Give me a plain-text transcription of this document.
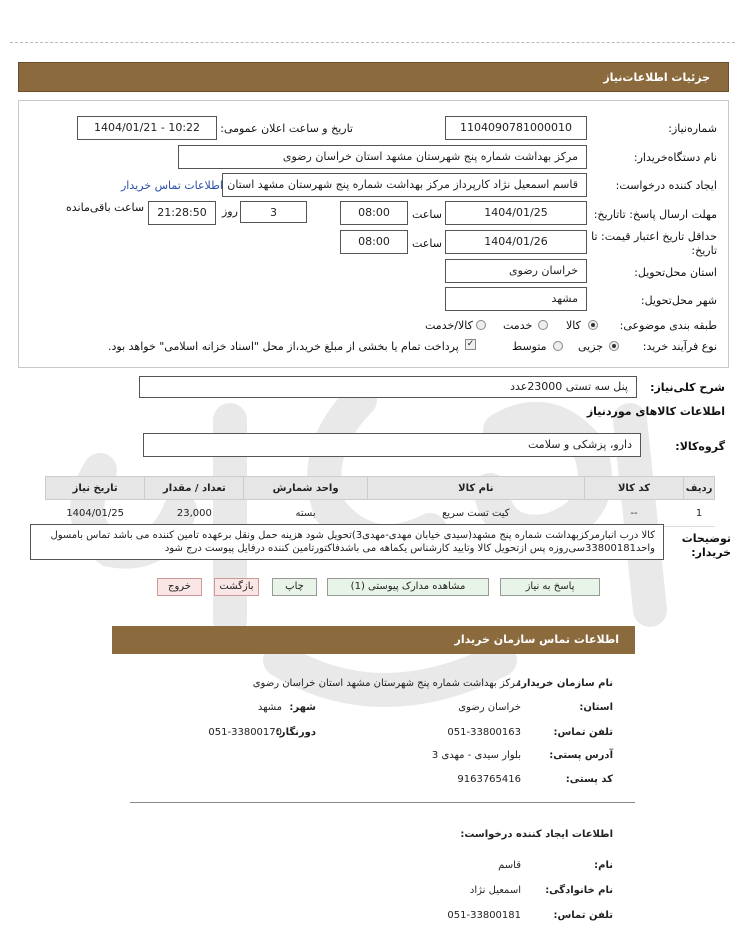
جزئیات اطلاعات‌نیاز
شماره‌نیاز:
1104090781000010
تاریخ و ساعت اعلان عمومی:
1404/01/21 - 10:22
نام دستگاه‌خریدار:
مرکز بهداشت شماره پنج شهرستان مشهد استان خراسان رضوی
ایجاد کننده درخواست:
قاسم اسمعیل نژاد کارپرداز مرکز بهداشت شماره پنج شهرستان مشهد استان
اطلاعات تماس خریدار
مهلت ارسال پاسخ: تاتاریخ:
1404/01/25
ساعت
08:00
3
روز
21:28:50
ساعت باقی‌مانده
حداقل تاریخ اعتبار قیمت: تا تاریخ:
1404/01/26
ساعت
08:00
استان محل‌تحویل:
خراسان رضوی
شهر محل‌تحویل:
مشهد
طبقه بندی موضوعی:
کالا
خدمت
کالا/خدمت
نوع فرآیند خرید:
جزیی
متوسط
✓
پرداخت تمام یا بخشی از مبلغ خرید،از محل "اسناد خزانه اسلامی" خواهد بود.
شرح کلی‌نیاز:
پنل سه تستی 23000عدد
اطلاعات کالاهای موردنیاز
گروه‌کالا:
دارو، پزشکی و سلامت
ردیف	کد کالا	نام کالا	واحد شمارش	تعداد / مقدار	تاریخ نیاز
1	--	کیت تست سریع	بسته	23,000	1404/01/25
توضیحات خریدار:
کالا درب انبارمرکزبهداشت شماره پنج مشهد(سیدی خیابان مهدی-مهدی3)تحویل شود هزینه حمل ونقل برعهده تامین کننده می باشد تماس بامسول واحد33800181سی‌روزه پس ازتحویل کالا وتایید کارشناس یکماهه می باشدفاکتورتامین کننده درفایل پیوست درج شود
پاسخ به نیاز
مشاهده مدارک پیوستی (1)
چاپ
بازگشت
خروج
اطلاعات تماس سازمان خریدار
نام سازمان خریدار:
مرکز بهداشت شماره پنج شهرستان مشهد استان خراسان رضوی
استان:
خراسان رضوی
شهر:
مشهد
تلفن تماس:
051-33800163
دورنگار:
051-33800170
آدرس پستی:
بلوار سیدی - مهدی 3
کد پستی:
9163765416
اطلاعات ایجاد کننده درخواست:
نام:
قاسم
نام خانوادگی:
اسمعیل نژاد
تلفن تماس:
051-33800181
